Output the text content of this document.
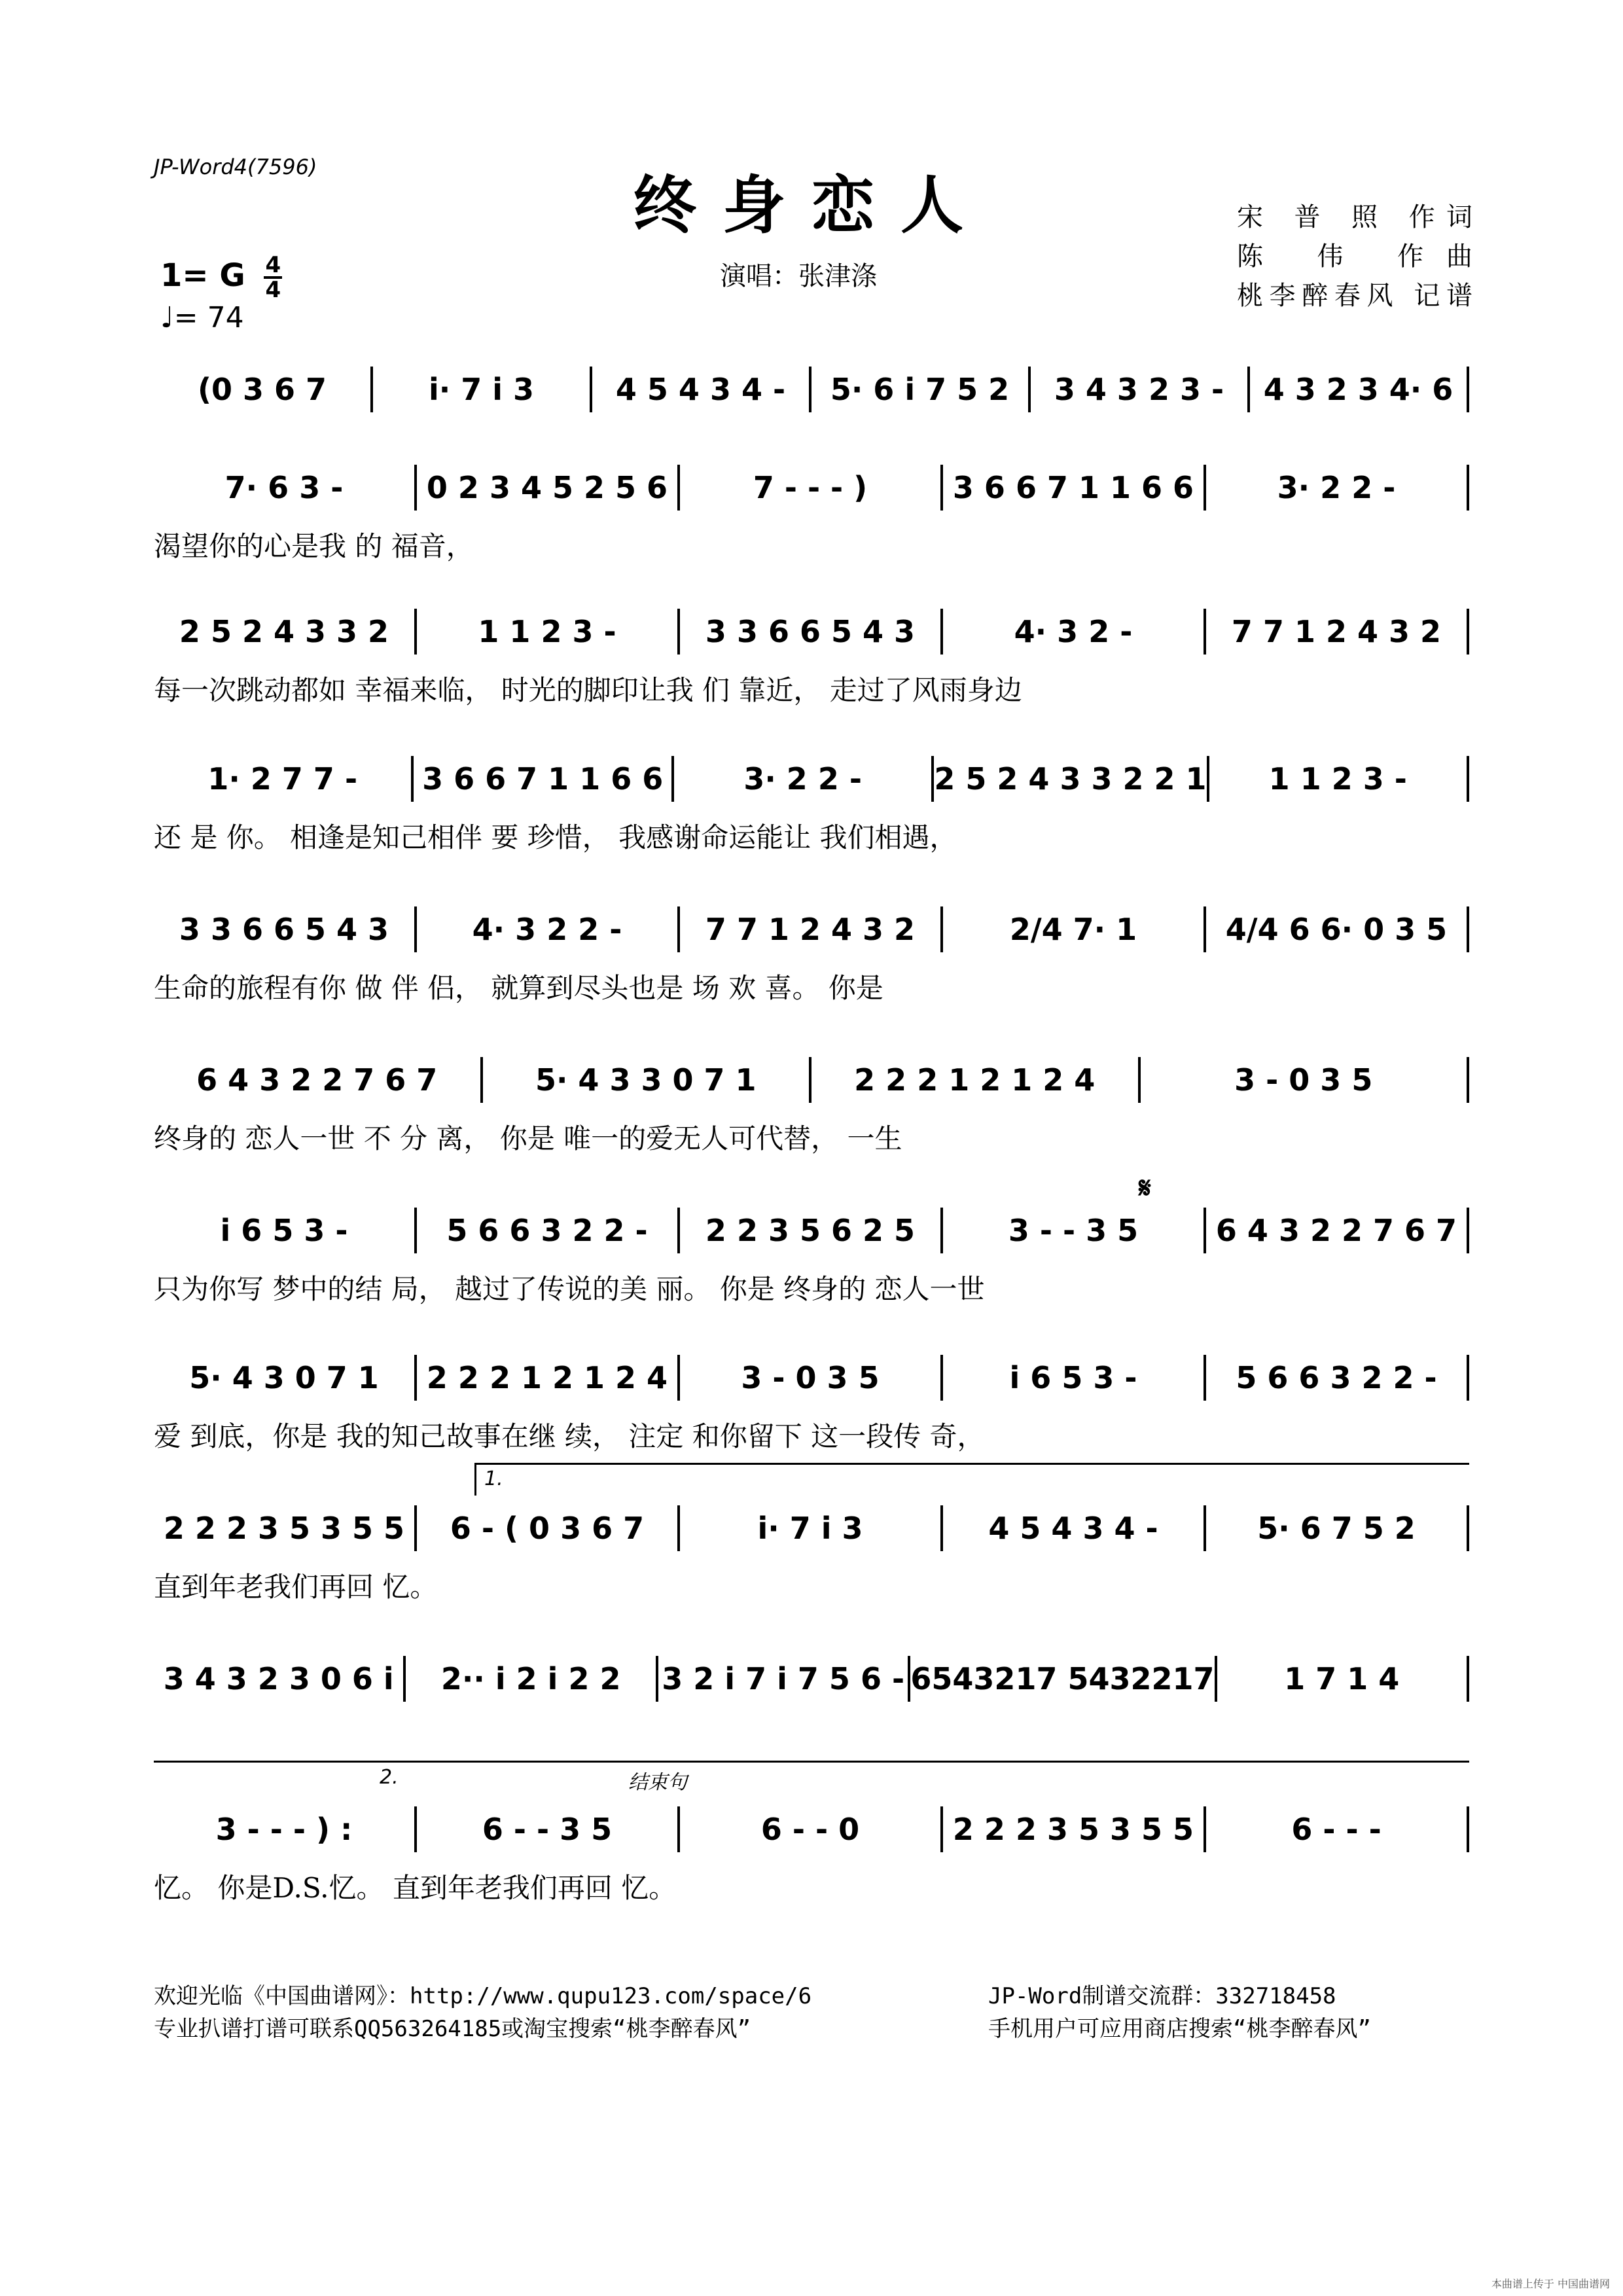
JP-Word4(7596)
终身恋人	宋 普 照 作词
陈 伟 作曲
桃李醉春风 记谱
1= G $\frac{4}{4}$
♩= 74
演唱：张津涤
(0 3 6 7	i· 7 i 3	4 5 4 3 4 -	5· 6 i 7 5 2	3 4 3 2 3 -	4 3 2 3 4· 6
7· 6 3 -	0 2 3 4 5 2 5 6	7 - - - )	3 6 6 7 1 1 6 6	3· 2 2 -
渴望你的心是我 的 福音，
2 5 2 4 3 3 2	1 1 2 3 -	3 3 6 6 5 4 3	4· 3 2 -	7 7 1 2 4 3 2
每一次跳动都如 幸福来临， 时光的脚印让我 们 靠近， 走过了风雨身边
1· 2 7 7 -	3 6 6 7 1 1 6 6	3· 2 2 -	2 5 2 4 3 3 2 2 1	1 1 2 3 -
还 是 你。 相逢是知己相伴 要 珍惜， 我感谢命运能让 我们相遇，
3 3 6 6 5 4 3	4· 3 2 2 -	7 7 1 2 4 3 2	2/4 7· 1	4/4 6 6· 0 3 5
生命的旅程有你 做 伴 侣， 就算到尽头也是 场 欢 喜。 你是
6 4 3 2 2 7 6 7	5· 4 3 3 0 7 1	2 2 2 1 2 1 2 4	3 - 0 3 5
终身的 恋人一世 不 分 离， 你是 唯一的爱无人可代替， 一生
i 6 5 3 -	5 6 6 3 2 2 -	2 2 3 5 6 2 5	3 - - 3 5	6 4 3 2 2 7 6 7
只为你写 梦中的结 局， 越过了传说的美 丽。 你是 终身的 恋人一世
𝄋
5· 4 3 0 7 1	2 2 2 1 2 1 2 4	3 - 0 3 5	i 6 5 3 -	5 6 6 3 2 2 -
爱 到底，你是 我的知己故事在继 续， 注定 和你留下 这一段传 奇，
2 2 2 3 5 3 5 5	6 - ( 0 3 6 7	i· 7 i 3	4 5 4 3 4 -	5· 6 7 5 2
直到年老我们再回 忆。
1.
3 4 3 2 3 0 6 i	2·· i 2 i 2 2	3 2 i 7 i 7 5 6 - 6543217 5432217	1 7 1 4
3 - - - ) :	6 - - 3 5	6 - - 0	2 2 2 3 5 3 5 5	6 - - -
忆。 你是D.S.忆。 直到年老我们再回 忆。
2.	结束句
欢迎光临《中国曲谱网》：http://www.qupu123.com/space/6
专业扒谱打谱可联系QQ563264185或淘宝搜索“桃李醉春风”
JP-Word制谱交流群：332718458
手机用户可应用商店搜索“桃李醉春风”
本曲谱上传于 中国曲谱网
